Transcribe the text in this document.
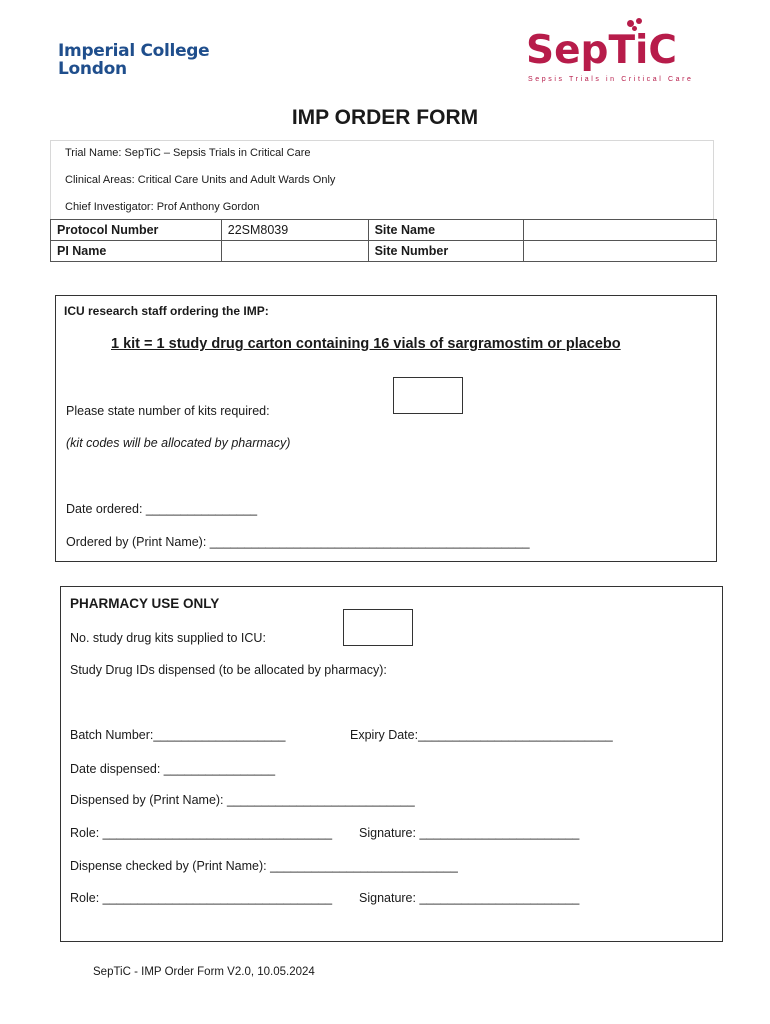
Imperial College
London	SepTiC
Sepsis Trials in Critical Care
IMP ORDER FORM
Trial Name: SepTiC – Sepsis Trials in Critical Care
Clinical Areas: Critical Care Units and Adult Wards Only
Chief Investigator: Prof Anthony Gordon
Protocol Number	22SM8039	Site Name	
PI Name		Site Number	
ICU research staff ordering the IMP:
1 kit = 1 study drug carton containing 16 vials of sargramostim or placebo
Please state number of kits required:
(kit codes will be allocated by pharmacy)
Date ordered: ________________
Ordered by (Print Name): ______________________________________________
PHARMACY USE ONLY
No. study drug kits supplied to ICU:
Study Drug IDs dispensed (to be allocated by pharmacy):
Batch Number:___________________	Expiry Date:____________________________
Date dispensed: ________________
Dispensed by (Print Name): ___________________________
Role: _________________________________ Signature: _______________________
Dispense checked by (Print Name): ___________________________
Role: _________________________________ Signature: _______________________
SepTiC - IMP Order Form V2.0, 10.05.2024
